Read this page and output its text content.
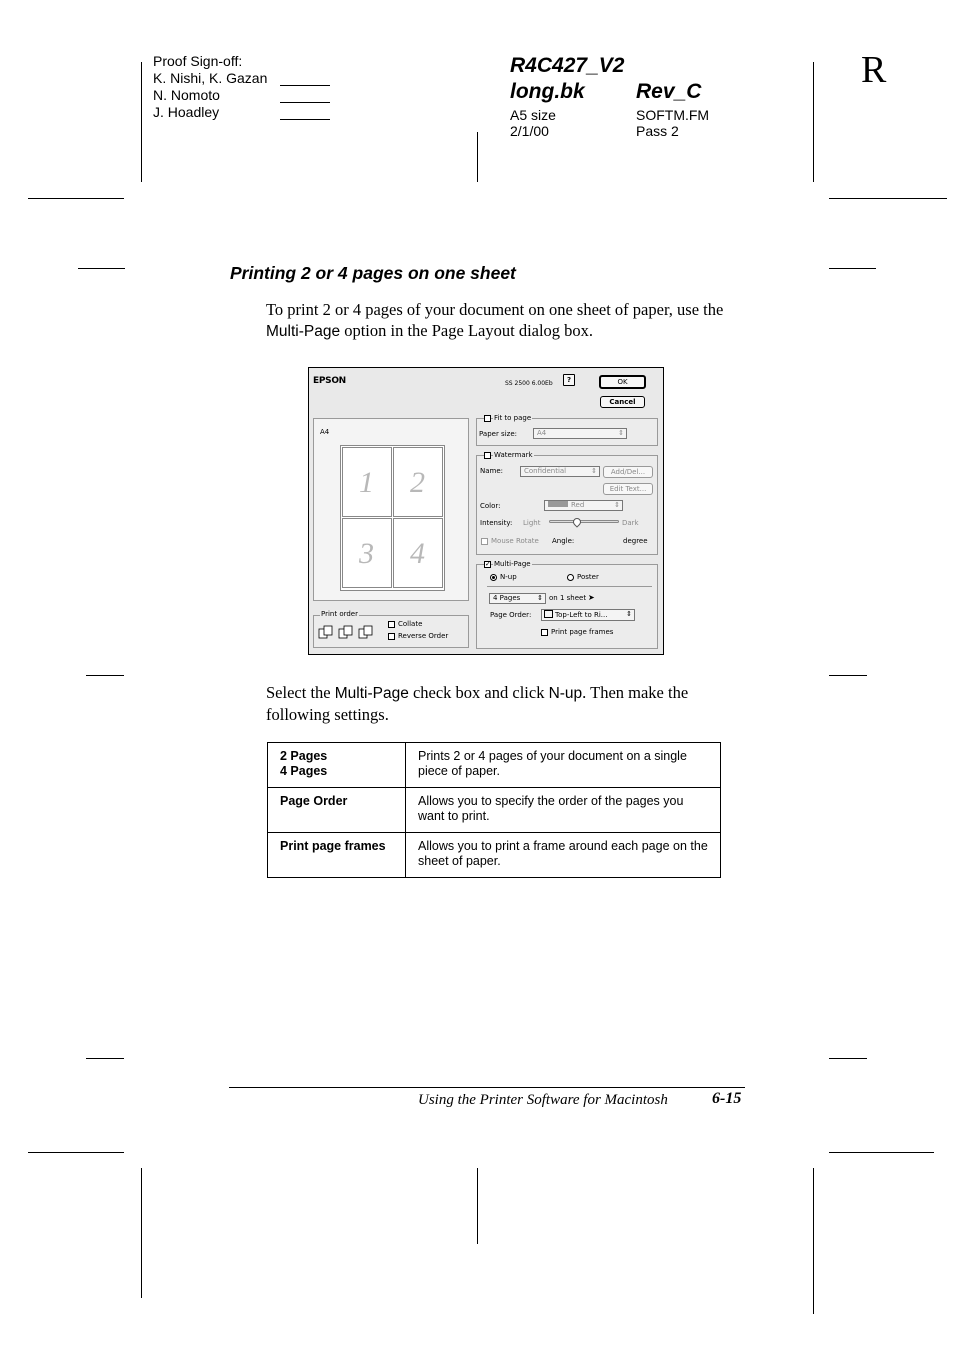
Proof Sign-off:
K. Nishi, K. Gazan
N. Nomoto
J. Hoadley
R4C427_V2
long.bk Rev_C
A5 size
2/1/00
SOFTM.FM
Pass 2
R
Printing 2 or 4 pages on one sheet
To print 2 or 4 pages of your document on one sheet of paper, use the Multi-Page option in the Page Layout dialog box.
EPSON	SS 2500 6.00Eb	?	OK
Cancel
A4
1 2
3 4
Print order
Collate
Reverse Order
Fit to page
Paper size:	A4	⇕
Watermark
Name:	Confidential	⇕	Add/Del...
Edit Text...
Color:	Red	⇕
Intensity: Light	Dark
Mouse Rotate Angle:	degree
✓ Multi-Page
N-up	Poster
4 Pages ⇕ on 1 sheet ➤
Page Order:	Top-Left to Ri...	⇕
Print page frames
Select the Multi-Page check box and click N-up. Then make the following settings.
2 Pages
4 Pages	Prints 2 or 4 pages of your document on a single piece of paper.
Page Order	Allows you to specify the order of the pages you want to print.
Print page frames	Allows you to print a frame around each page on the sheet of paper.
Using the Printer Software for Macintosh	6-15
